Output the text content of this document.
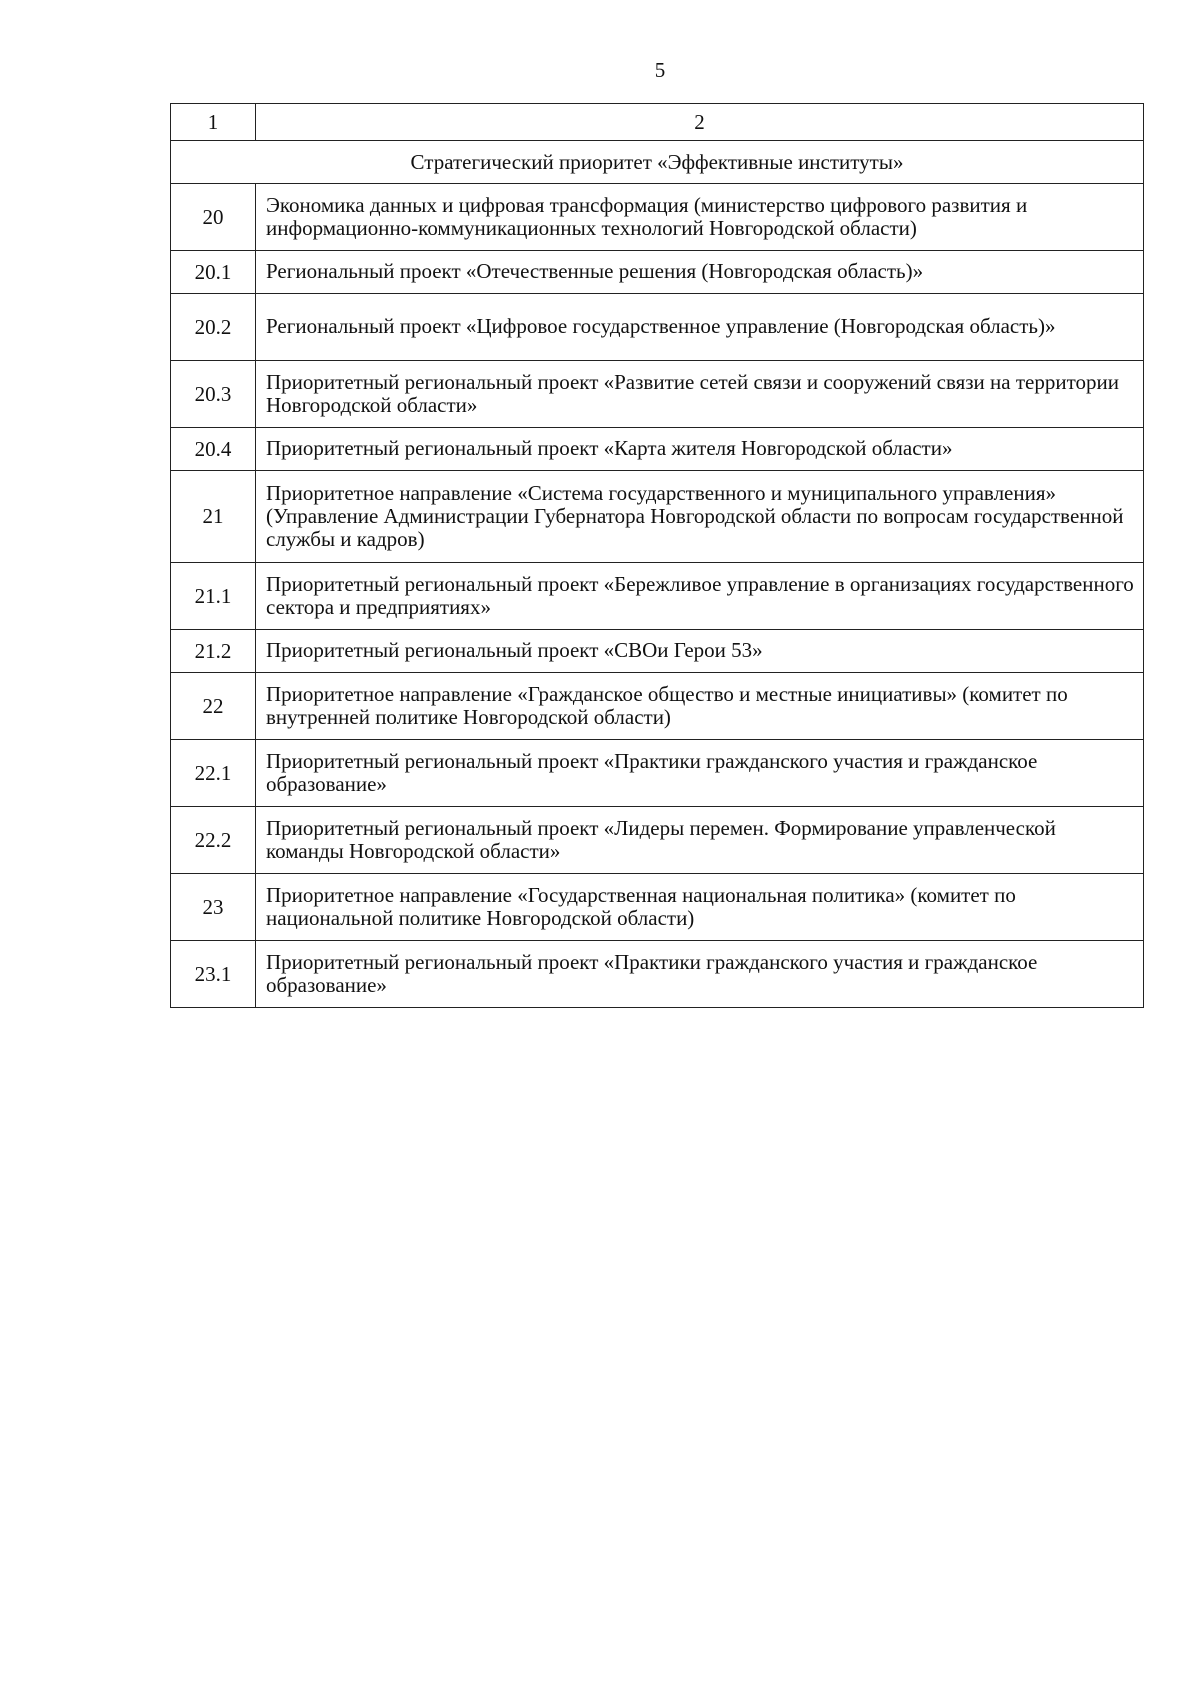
5
1	2
Стратегический приоритет «Эффективные институты»	
20	Экономика данных и цифровая трансформация (министерство цифрового развития и информационно-коммуникационных технологий Новгородской области)
20.1	Региональный проект «Отечественные решения (Новгородская область)»
20.2	Региональный проект «Цифровое государственное управление (Новгородская область)»
20.3	Приоритетный региональный проект «Развитие сетей связи и сооружений связи на территории Новгородской области»
20.4	Приоритетный региональный проект «Карта жителя Новгородской области»
21	Приоритетное направление «Система государственного и муниципального управления» (Управление Администрации Губернатора Новгородской области по вопросам государственной службы и кадров)
21.1	Приоритетный региональный проект «Бережливое управление в организациях государственного сектора и предприятиях»
21.2	Приоритетный региональный проект «СВОи Герои 53»
22	Приоритетное направление «Гражданское общество и местные инициативы» (комитет по внутренней политике Новгородской области)
22.1	Приоритетный региональный проект «Практики гражданского участия и гражданское образование»
22.2	Приоритетный региональный проект «Лидеры перемен. Формирование управленческой команды Новгородской области»
23	Приоритетное направление «Государственная национальная политика» (комитет по национальной политике Новгородской области)
23.1	Приоритетный региональный проект «Практики гражданского участия и гражданское образование»
